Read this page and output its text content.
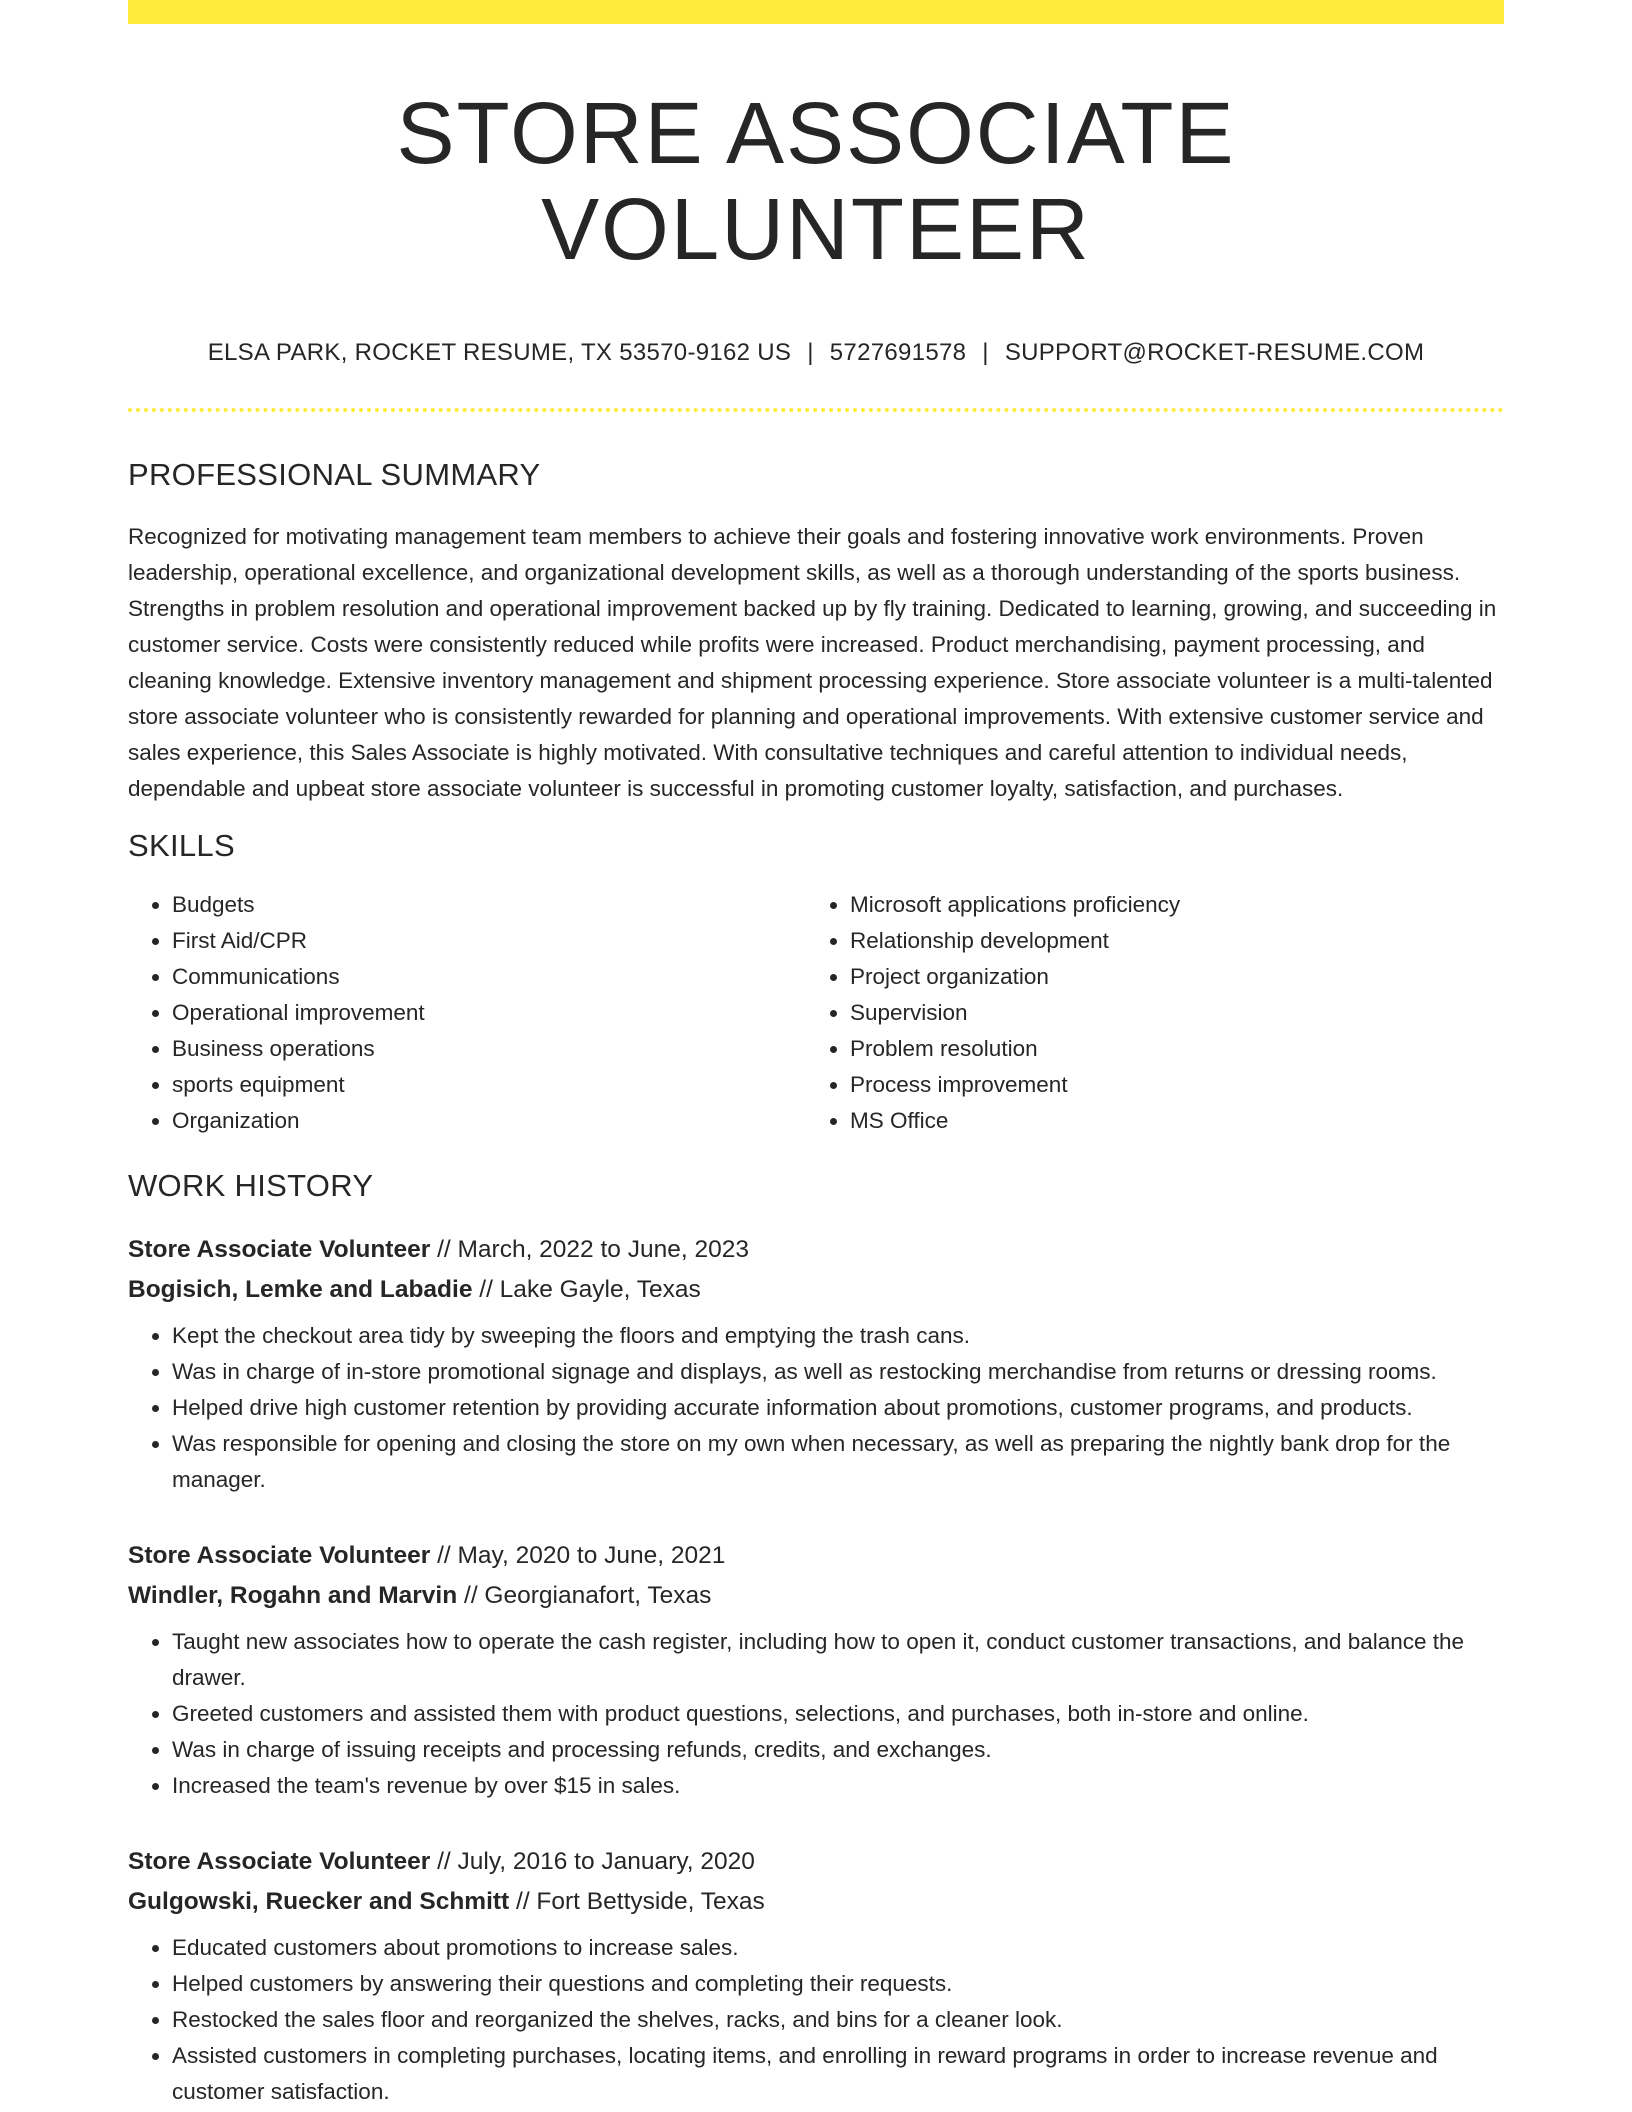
STORE ASSOCIATE VOLUNTEER
ELSA PARK, ROCKET RESUME, TX 53570-9162 US | 5727691578 | SUPPORT@ROCKET-RESUME.COM
PROFESSIONAL SUMMARY

Recognized for motivating management team members to achieve their goals and fostering innovative work environments. Proven leadership, operational excellence, and organizational development skills, as well as a thorough understanding of the sports business. Strengths in problem resolution and operational improvement backed up by fly training. Dedicated to learning, growing, and succeeding in customer service. Costs were consistently reduced while profits were increased. Product merchandising, payment processing, and cleaning knowledge. Extensive inventory management and shipment processing experience. Store associate volunteer is a multi-talented store associate volunteer who is consistently rewarded for planning and operational improvements. With extensive customer service and sales experience, this Sales Associate is highly motivated. With consultative techniques and careful attention to individual needs, dependable and upbeat store associate volunteer is successful in promoting customer loyalty, satisfaction, and purchases.

SKILLS
• Budgets
• First Aid/CPR
• Communications
• Operational improvement
• Business operations
• sports equipment
• Organization
• Microsoft applications proficiency
• Relationship development
• Project organization
• Supervision
• Problem resolution
• Process improvement
• MS Office
WORK HISTORY
Store Associate Volunteer // March, 2022 to June, 2023
Bogisich, Lemke and Labadie // Lake Gayle, Texas
• Kept the checkout area tidy by sweeping the floors and emptying the trash cans.
• Was in charge of in-store promotional signage and displays, as well as restocking merchandise from returns or dressing rooms.
• Helped drive high customer retention by providing accurate information about promotions, customer programs, and products.
• Was responsible for opening and closing the store on my own when necessary, as well as preparing the nightly bank drop for the manager.
Store Associate Volunteer // May, 2020 to June, 2021
Windler, Rogahn and Marvin // Georgianafort, Texas
• Taught new associates how to operate the cash register, including how to open it, conduct customer transactions, and balance the drawer.
• Greeted customers and assisted them with product questions, selections, and purchases, both in-store and online.
• Was in charge of issuing receipts and processing refunds, credits, and exchanges.
• Increased the team's revenue by over $15 in sales.
Store Associate Volunteer // July, 2016 to January, 2020
Gulgowski, Ruecker and Schmitt // Fort Bettyside, Texas
• Educated customers about promotions to increase sales.
• Helped customers by answering their questions and completing their requests.
• Restocked the sales floor and reorganized the shelves, racks, and bins for a cleaner look.
• Assisted customers in completing purchases, locating items, and enrolling in reward programs in order to increase revenue and customer satisfaction.
